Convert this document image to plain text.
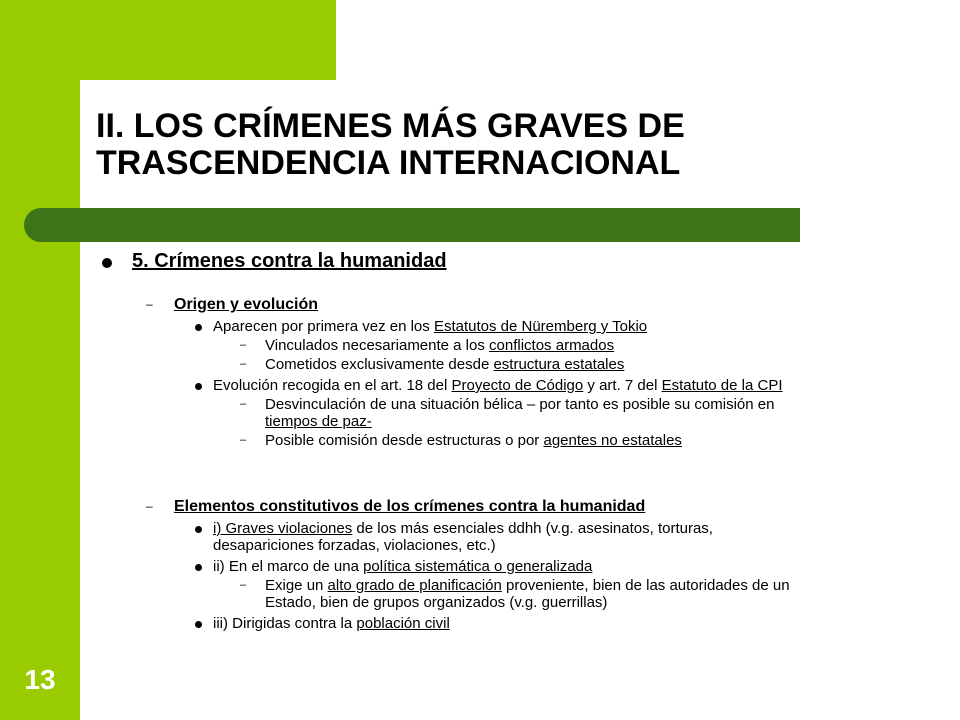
II. LOS CRÍMENES MÁS GRAVES DE
TRASCENDENCIA INTERNACIONAL
5. Crímenes contra la humanidad
– Origen y evolución
Aparecen por primera vez en los Estatutos de Nüremberg y Tokio
– Vinculados necesariamente a los conflictos armados
– Cometidos exclusivamente desde estructura estatales
Evolución recogida en el art. 18 del Proyecto de Código y art. 7 del Estatuto de la CPI
– Desvinculación de una situación bélica – por tanto es posible su comisión en
tiempos de paz-
– Posible comisión desde estructuras o por agentes no estatales
– Elementos constitutivos de los crímenes contra la humanidad
i) Graves violaciones de los más esenciales ddhh (v.g. asesinatos, torturas,
desapariciones forzadas, violaciones, etc.)
ii) En el marco de una política sistemática o generalizada
– Exige un alto grado de planificación proveniente, bien de las autoridades de un
Estado, bien de grupos organizados (v.g. guerrillas)
iii) Dirigidas contra la población civil
13
